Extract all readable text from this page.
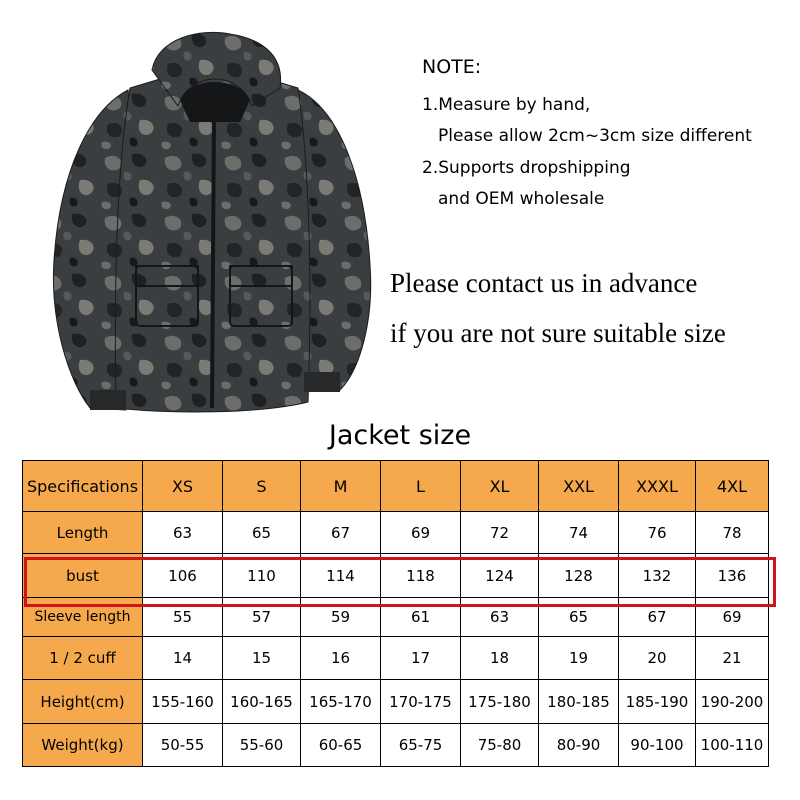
NOTE:
1.Measure by hand,
Please allow 2cm~3cm size different
2.Supports dropshipping
and OEM wholesale
Please contact us in advance
if you are not sure suitable size
Jacket size
Specifications	XS	S	M	L	XL	XXL	XXXL	4XL
Length	63	65	67	69	72	74	76	78
bust	106	110	114	118	124	128	132	136
Sleeve length	55	57	59	61	63	65	67	69
1 / 2 cuff	14	15	16	17	18	19	20	21
Height(cm)	155-160	160-165	165-170	170-175	175-180	180-185	185-190	190-200
Weight(kg)	50-55	55-60	60-65	65-75	75-80	80-90	90-100	100-110
